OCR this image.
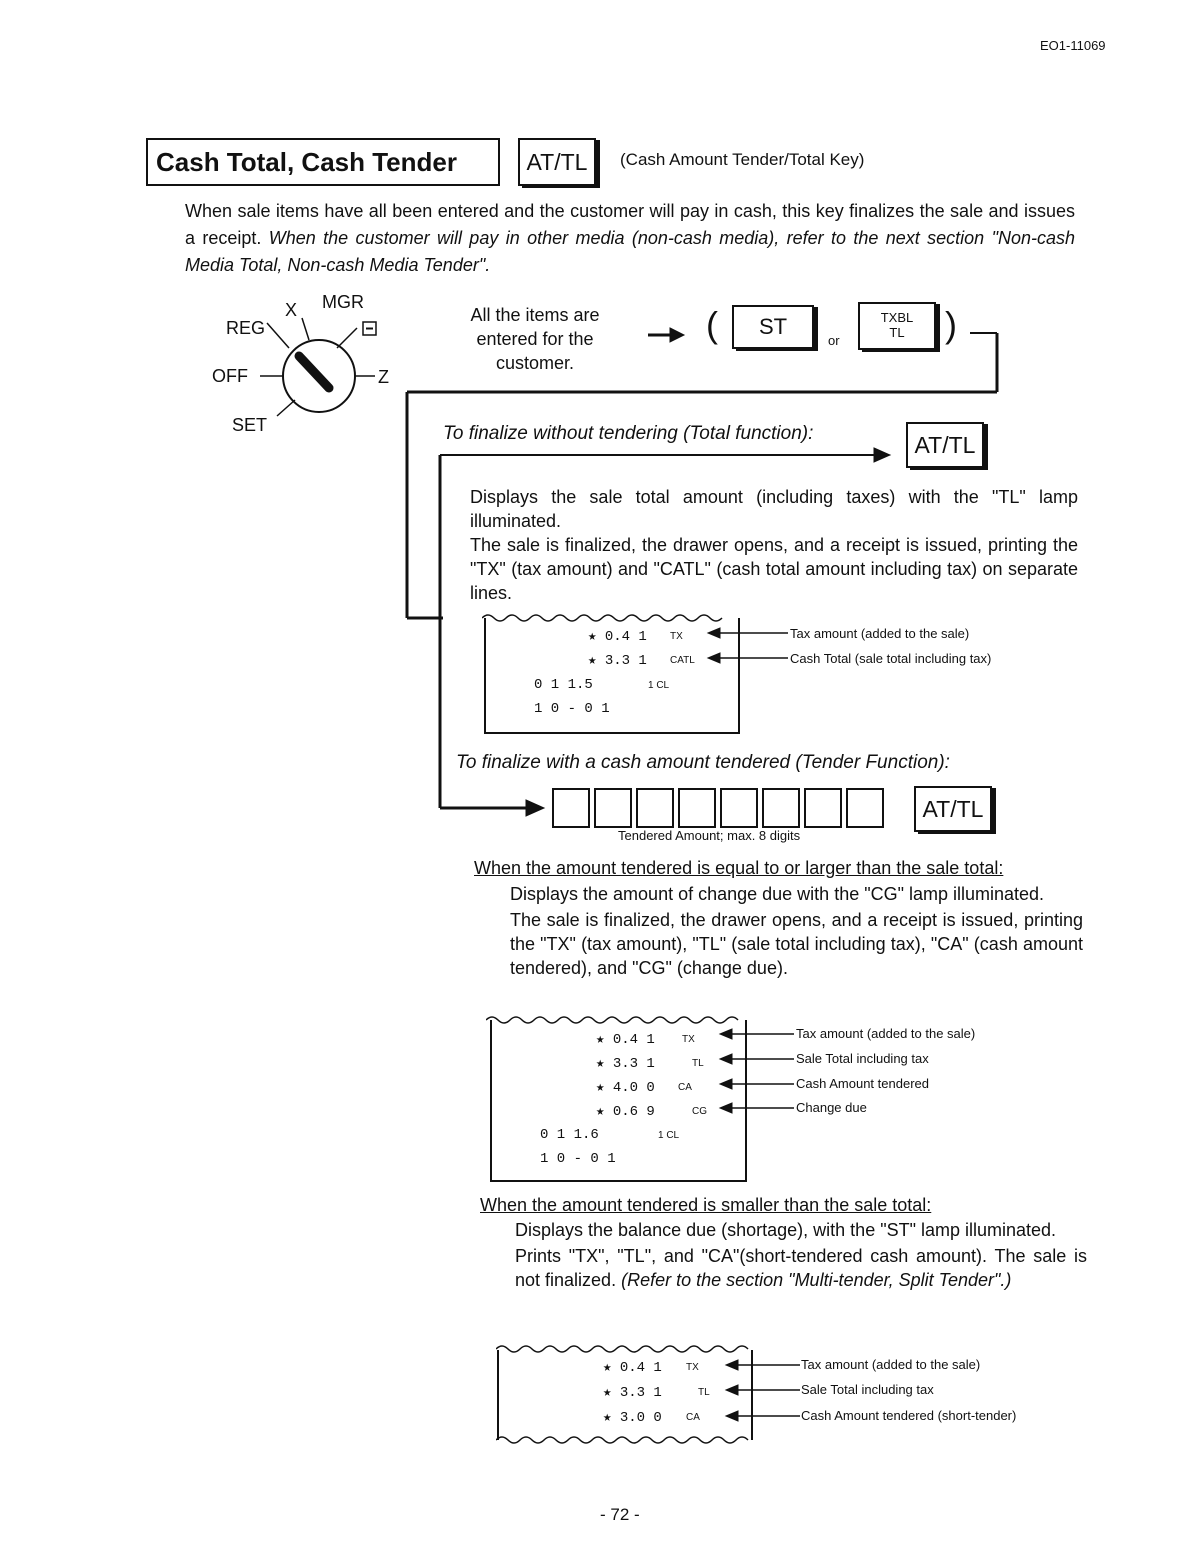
EO1-11069
Cash Total, Cash Tender	AT/TL	(Cash Amount Tender/Total Key)
When sale items have all been entered and the customer will pay in cash, this key finalizes the sale and issues a receipt. When the customer will pay in other media (non-cash media), refer to the next section "Non-cash Media Total, Non-cash Media Tender".
X MGR
REG
OFF	Z
SET
All the items are entered for the customer.
(	ST
or
TXBL
TL	)
To finalize without tendering (Total function):	AT/TL
Displays the sale total amount (including taxes) with the "TL" lamp illuminated.
The sale is finalized, the drawer opens, and a receipt is issued, printing the "TX" (tax amount) and "CATL" (cash total amount including tax) on separate lines.
★ 0.4 1 TX
★ 3.3 1 CATL
0 1 1.5	1 CL
1 0 - 0 1
Tax amount (added to the sale)
Cash Total (sale total including tax)
To finalize with a cash amount tendered (Tender Function):
AT/TL
Tendered Amount; max. 8 digits
When the amount tendered is equal to or larger than the sale total:
Displays the amount of change due with the "CG" lamp illuminated.
The sale is finalized, the drawer opens, and a receipt is issued, printing the "TX" (tax amount), "TL" (sale total including tax), "CA" (cash amount tendered), and "CG" (change due).
★ 0.4 1	TX
★ 3.3 1	TL
★ 4.0 0 CA
★ 0.6 9	CG
0 1 1.6	1 CL
1 0 - 0 1
Tax amount (added to the sale)
Sale Total including tax
Cash Amount tendered
Change due
When the amount tendered is smaller than the sale total:
Displays the balance due (shortage), with the "ST" lamp illuminated.
Prints "TX", "TL", and "CA"(short-tendered cash amount). The sale is not finalized. (Refer to the section "Multi-tender, Split Tender".)
★ 0.4 1 TX
★ 3.3 1	TL
★ 3.0 0 CA
Tax amount (added to the sale)
Sale Total including tax
Cash Amount tendered (short-tender)
- 72 -
